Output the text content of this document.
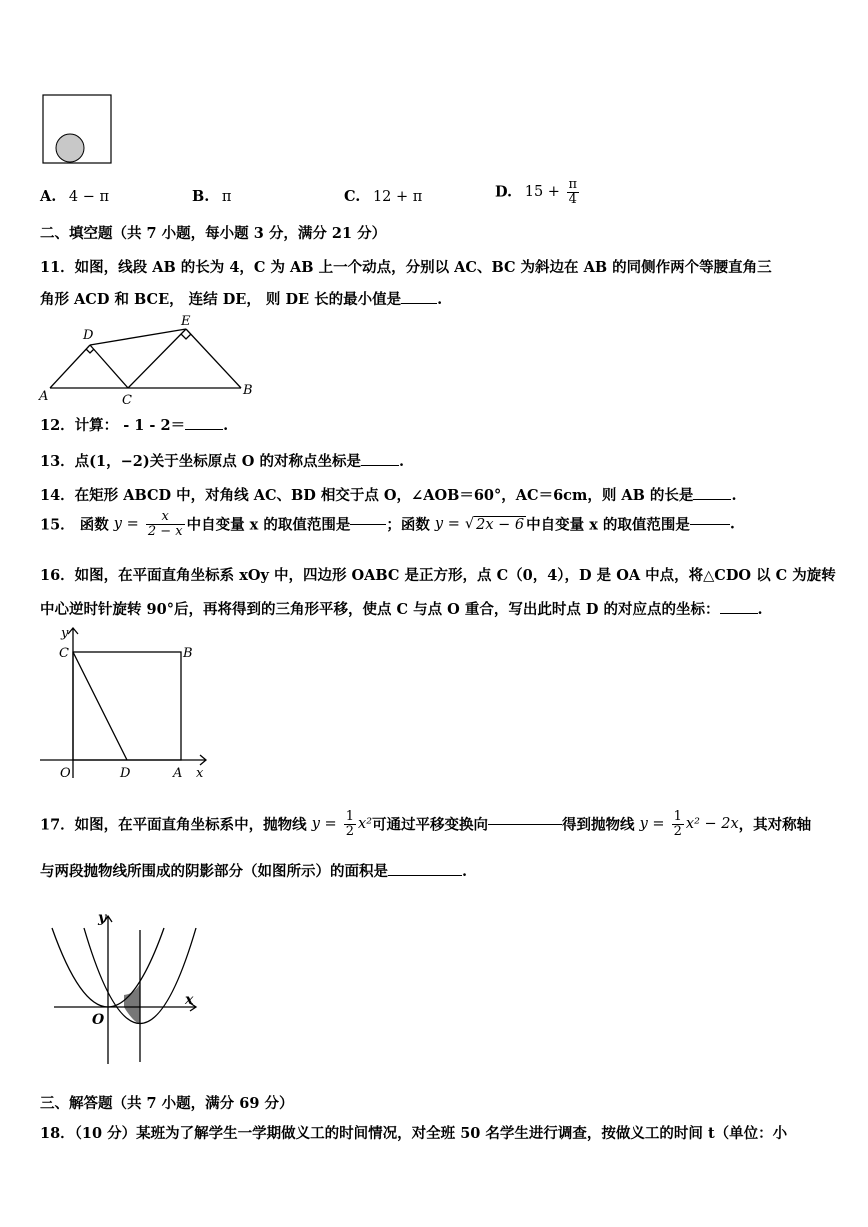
A. 4 − π	B. π	C. 12 + π	D. $15 + \frac{\pi}{4}$
二、填空题（共 7 小题，每小题 3 分，满分 21 分）
11．如图，线段 AB 的长为 4，C 为 AB 上一个动点，分别以 AC、BC 为斜边在 AB 的同侧作两个等腰直角三
角形 ACD 和 BCE， 连结 DE， 则 DE 长的最小值是 .
A	B
C
D
E
12．计算： - 1 - 2＝	.
13．点(1，−2)关于坐标原点 O 的对称点坐标是	.
14．在矩形 ABCD 中，对角线 AC、BD 相交于点 O，∠AOB＝60°，AC＝6cm，则 AB 的长是	.
15． 函数 $y = \frac{x}{2 - x}$ 中自变量 x 的取值范围是 ；函数 y = √ 2x − 6 中自变量 x 的取值范围是	.
16．如图，在平面直角坐标系 xOy 中，四边形 OABC 是正方形，点 C（0，4），D 是 OA 中点，将△CDO 以 C 为旋转
中心逆时针旋转 90°后，再将得到的三角形平移，使点 C 与点 O 重合，写出此时点 D 的对应点的坐标：	.
y
x
C	B
O	D	A
17．如图，在平面直角坐标系中，抛物线 $y = \frac{1}{2} x^2$可通过平移变换向	得到抛物线 $y = \frac{1}{2} x^2 - 2x$，其对称轴
与两段抛物线所围成的阴影部分（如图所示）的面积是	.
y
x
O
三、解答题（共 7 小题，满分 69 分）
18．（10 分）某班为了解学生一学期做义工的时间情况，对全班 50 名学生进行调查，按做义工的时间 t（单位：小
